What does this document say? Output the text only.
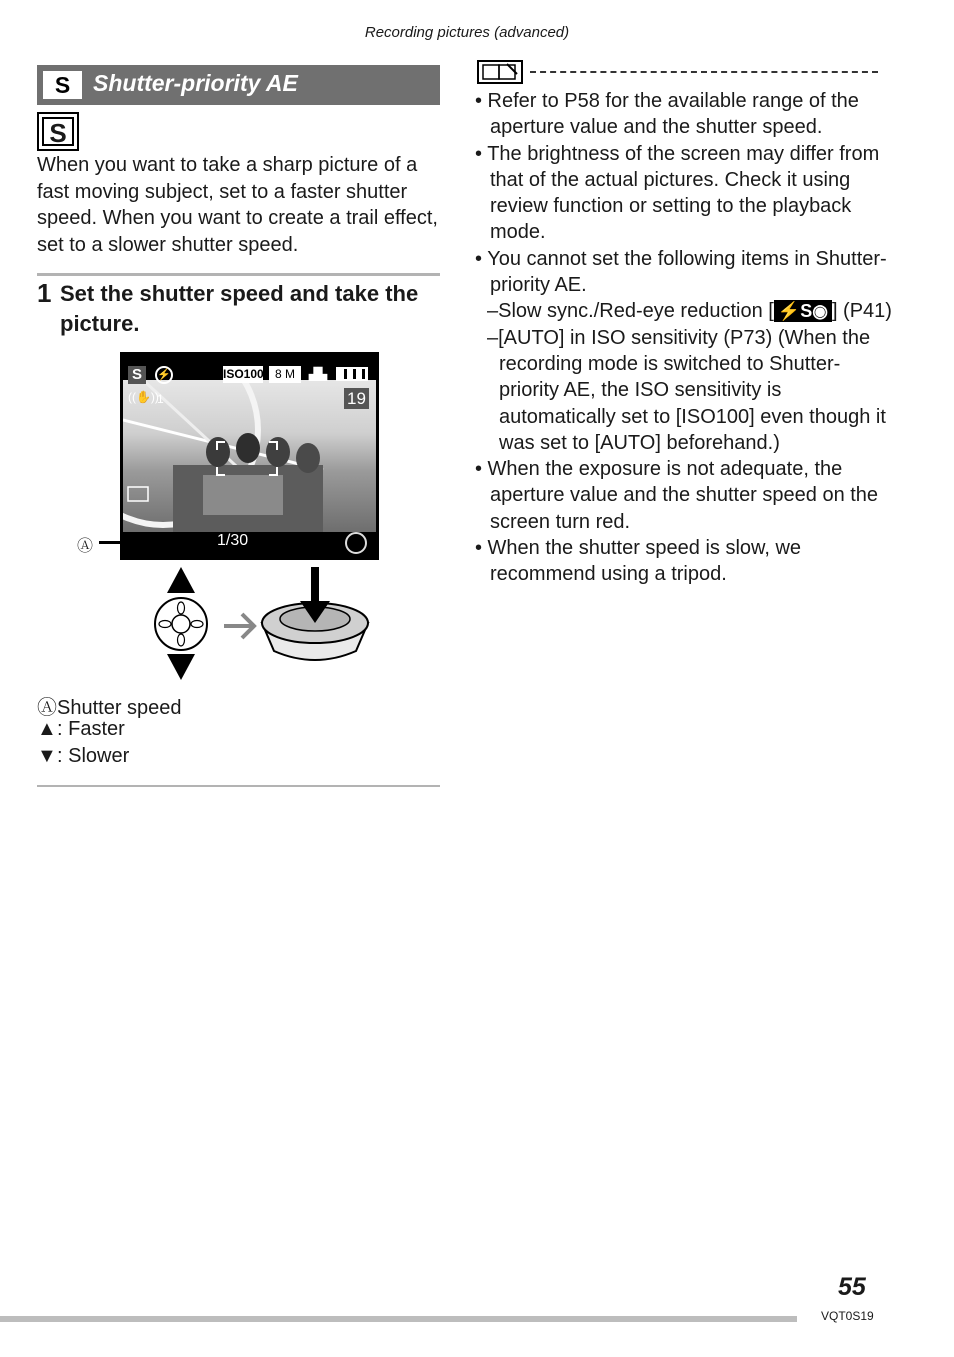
Recording pictures (advanced)
S Shutter-priority AE
S
When you want to take a sharp picture of a fast moving subject, set to a faster shutter speed. When you want to create a trail effect, set to a slower shutter speed.
1 Set the shutter speed and take the picture.
S	⚡	ISO100 8 M	▟▙
((✋))
1	19
Ⓐ	1/30
ⒶShutter speed
▲: Faster
▼: Slower

• Refer to P58 for the available range of the aperture value and the shutter speed.

• The brightness of the screen may differ from that of the actual pictures. Check it using review function or setting to the playback mode.

• You cannot set the following items in Shutter-priority AE.

–Slow sync./Red-eye reduction [ ⚡S◉ ] (P41)

–[AUTO] in ISO sensitivity (P73) (When the recording mode is switched to Shutter-priority AE, the ISO sensitivity is automatically set to [ISO100] even though it was set to [AUTO] beforehand.)

• When the exposure is not adequate, the aperture value and the shutter speed on the screen turn red.

• When the shutter speed is slow, we recommend using a tripod.

55
VQT0S19
